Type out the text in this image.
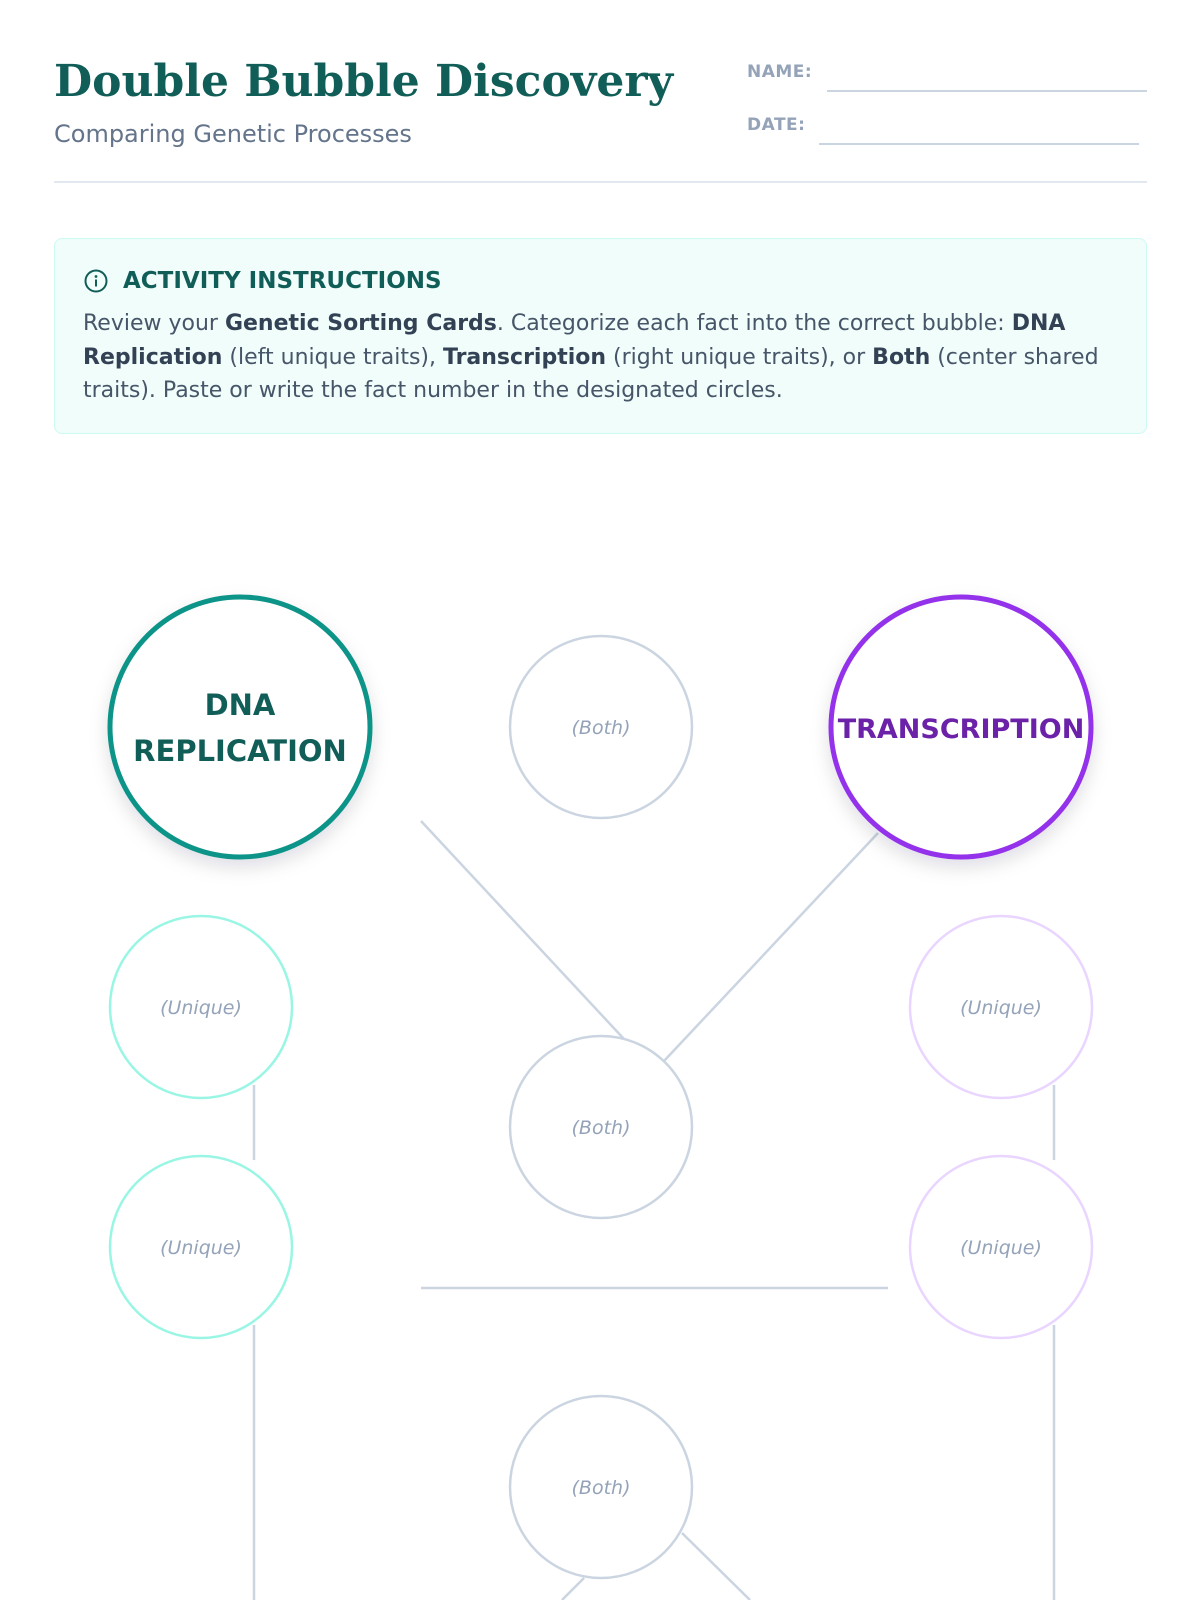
Double Bubble Discovery
Comparing Genetic Processes
NAME:
DATE:
ACTIVITY INSTRUCTIONS
Review your Genetic Sorting Cards. Categorize each fact into the correct bubble: DNA Replication (left unique traits), Transcription (right unique traits), or Both (center shared traits). Paste or write the fact number in the designated circles.
(Unique)
(Unique)
(Unique)
(Unique)
(Both)
(Both)
(Both)
DNA
REPLICATION
TRANSCRIPTION
